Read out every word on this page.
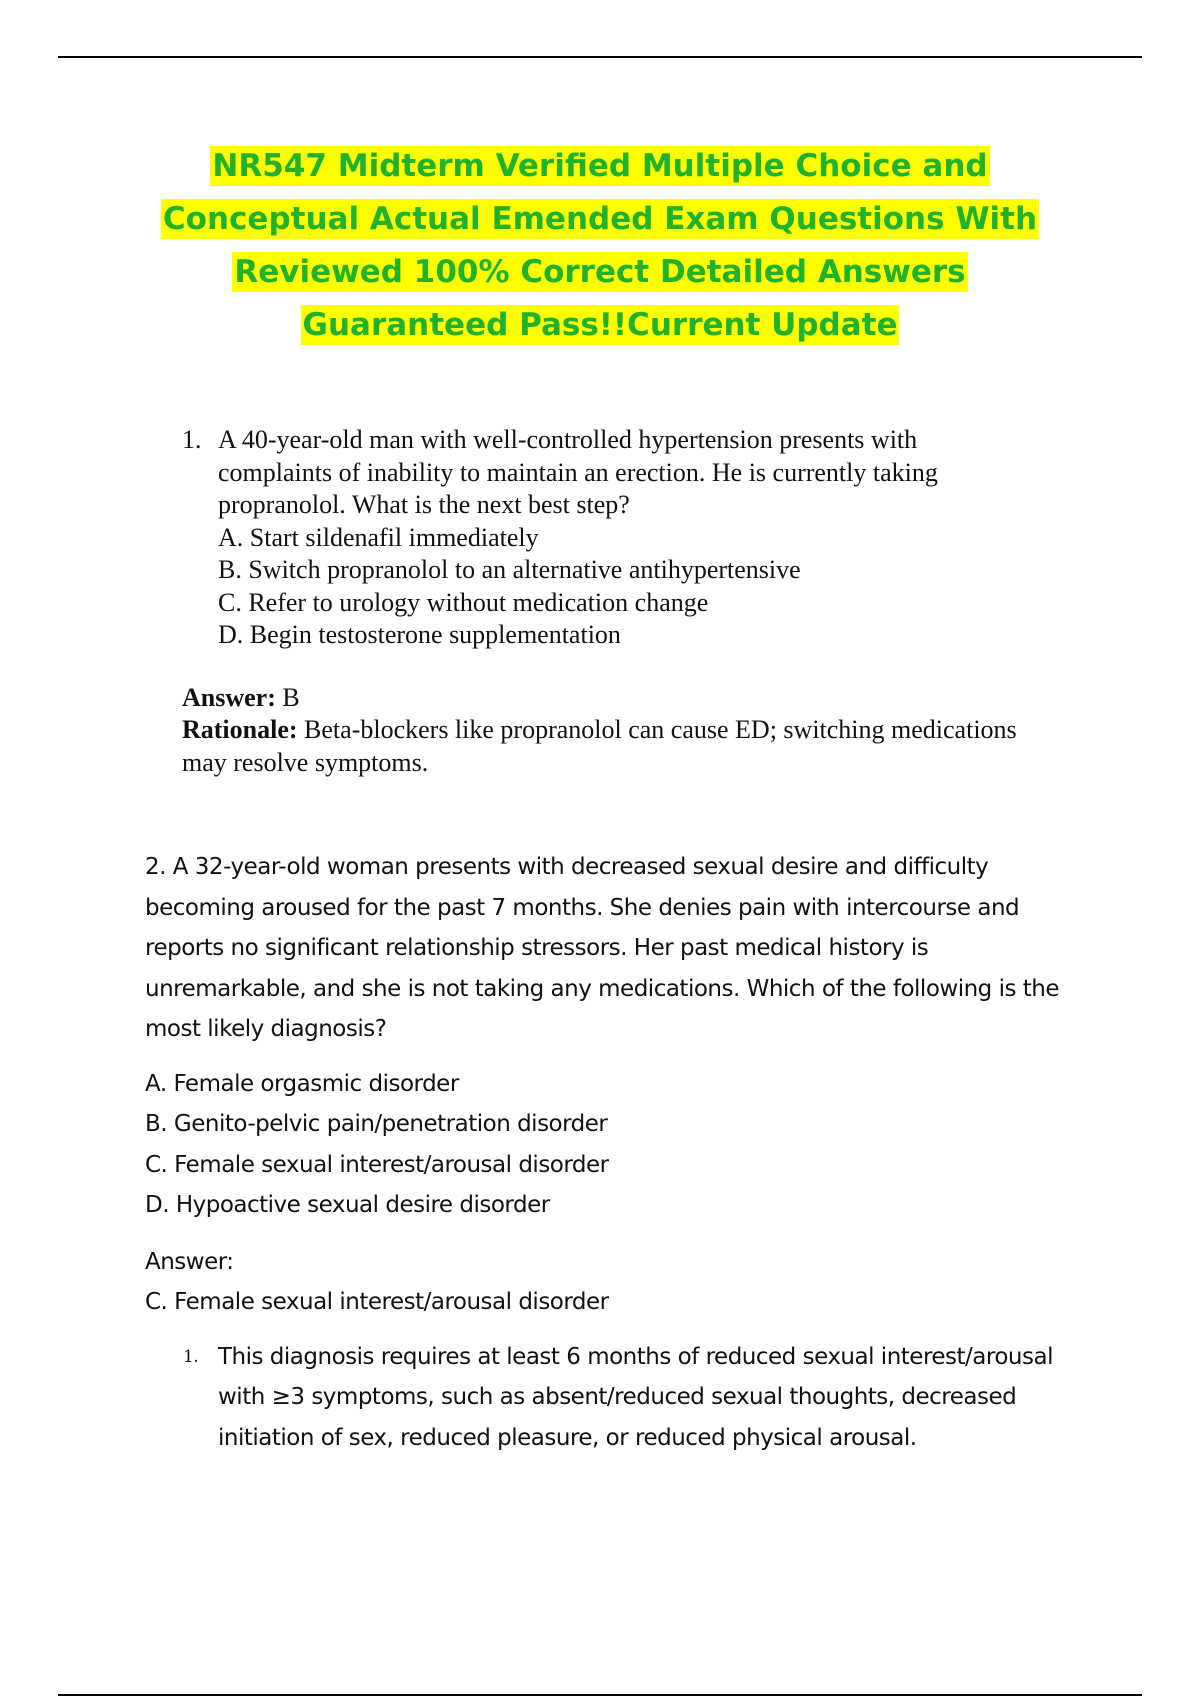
NR547 Midterm Verified Multiple Choice and
Conceptual Actual Emended Exam Questions With
Reviewed 100% Correct Detailed Answers
Guaranteed Pass!!Current Update
1. A 40-year-old man with well-controlled hypertension presents with
complaints of inability to maintain an erection. He is currently taking
propranolol. What is the next best step?
A. Start sildenafil immediately
B. Switch propranolol to an alternative antihypertensive
C. Refer to urology without medication change
D. Begin testosterone supplementation
Answer: B
Rationale: Beta-blockers like propranolol can cause ED; switching medications
may resolve symptoms.
2. A 32-year-old woman presents with decreased sexual desire and difficulty
becoming aroused for the past 7 months. She denies pain with intercourse and
reports no significant relationship stressors. Her past medical history is
unremarkable, and she is not taking any medications. Which of the following is the
most likely diagnosis?
A. Female orgasmic disorder
B. Genito-pelvic pain/penetration disorder
C. Female sexual interest/arousal disorder
D. Hypoactive sexual desire disorder
Answer:
C. Female sexual interest/arousal disorder
1. This diagnosis requires at least 6 months of reduced sexual interest/arousal
with ≥3 symptoms, such as absent/reduced sexual thoughts, decreased
initiation of sex, reduced pleasure, or reduced physical arousal.
